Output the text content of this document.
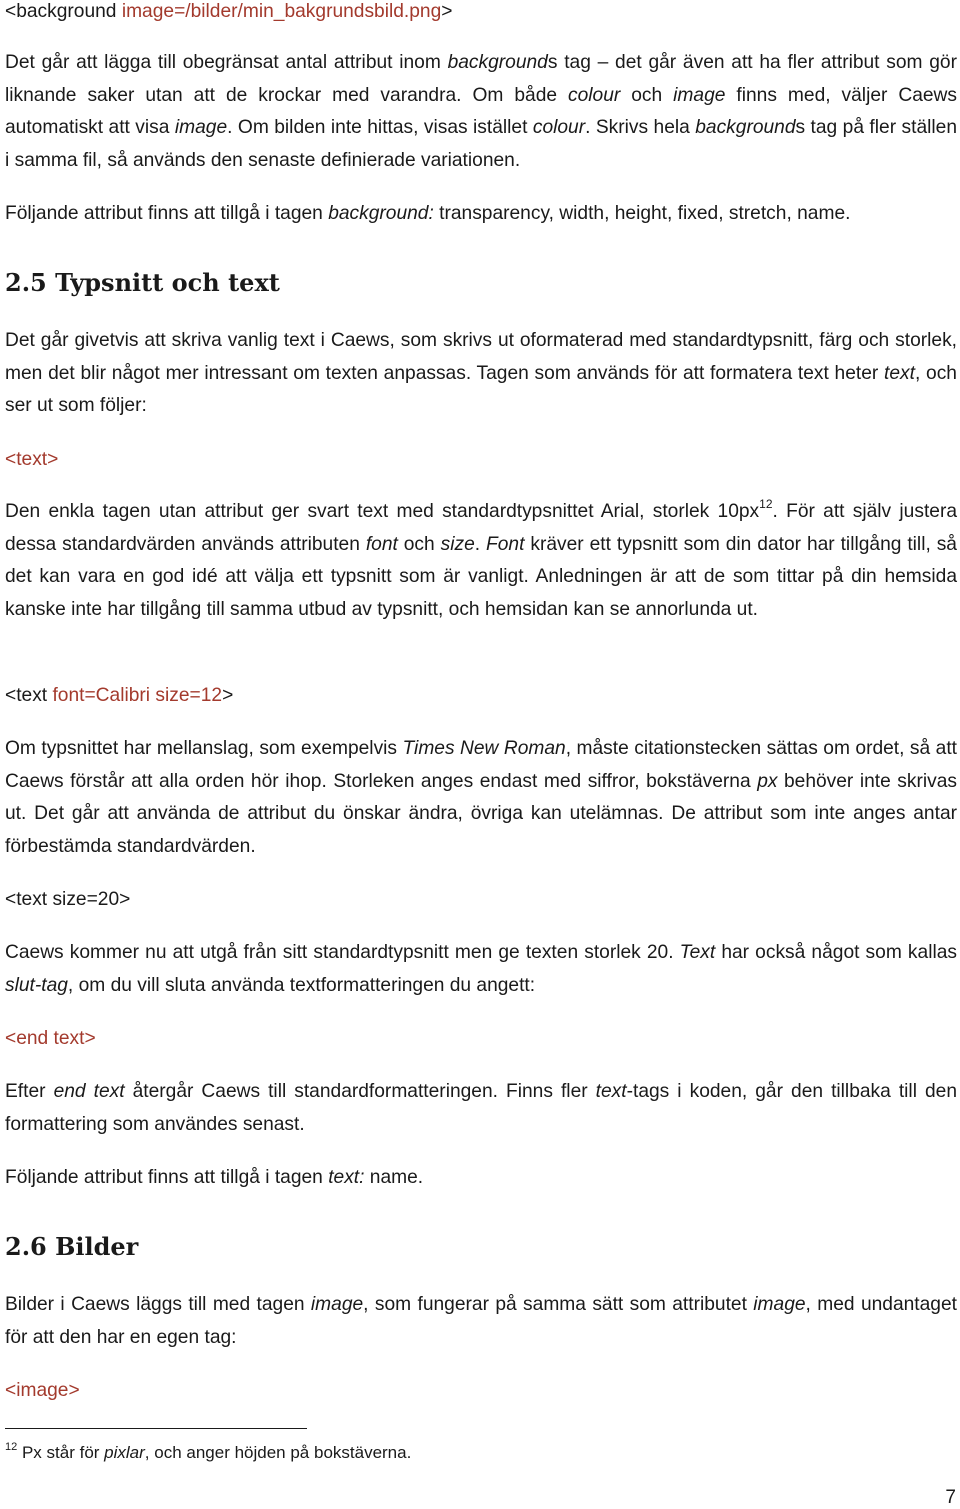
<background image=/bilder/min_bakgrundsbild.png>

Det går att lägga till obegränsat antal attribut inom backgrounds tag – det går även att ha fler attribut som gör liknande saker utan att de krockar med varandra. Om både colour och image finns med, väljer Caews automatiskt att visa image. Om bilden inte hittas, visas istället colour. Skrivs hela backgrounds tag på fler ställen i samma fil, så används den senaste definierade variationen.

Följande attribut finns att tillgå i tagen background: transparency, width, height, fixed, stretch, name.

2.5 Typsnitt och text

Det går givetvis att skriva vanlig text i Caews, som skrivs ut oformaterad med standardtypsnitt, färg och storlek, men det blir något mer intressant om texten anpassas. Tagen som används för att formatera text heter text, och ser ut som följer:

<text>

Den enkla tagen utan attribut ger svart text med standardtypsnittet Arial, storlek 10px$^{12}$. För att själv justera dessa standardvärden används attributen font och size. Font kräver ett typsnitt som din dator har tillgång till, så det kan vara en god idé att välja ett typsnitt som är vanligt. Anledningen är att de som tittar på din hemsida kanske inte har tillgång till samma utbud av typsnitt, och hemsidan kan se annorlunda ut.

<text font=Calibri size=12>

Om typsnittet har mellanslag, som exempelvis Times New Roman, måste citationstecken sättas om ordet, så att Caews förstår att alla orden hör ihop. Storleken anges endast med siffror, bokstäverna px behöver inte skrivas ut. Det går att använda de attribut du önskar ändra, övriga kan utelämnas. De attribut som inte anges antar förbestämda standardvärden.

<text size=20>

Caews kommer nu att utgå från sitt standardtypsnitt men ge texten storlek 20. Text har också något som kallas slut-tag, om du vill sluta använda textformatteringen du angett:

<end text>

Efter end text återgår Caews till standardformatteringen. Finns fler text-tags i koden, går den tillbaka till den formattering som användes senast.

Följande attribut finns att tillgå i tagen text: name.

2.6 Bilder

Bilder i Caews läggs till med tagen image, som fungerar på samma sätt som attributet image, med undantaget för att den har en egen tag:

<image>
$^{12}$ Px står för pixlar, och anger höjden på bokstäverna.
7
